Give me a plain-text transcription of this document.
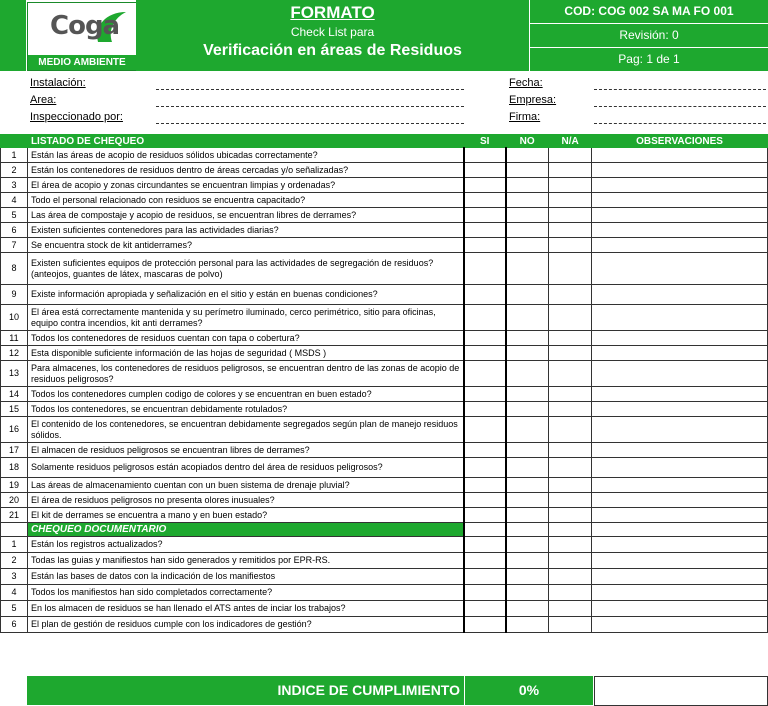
Coga
MEDIO AMBIENTE
FORMATO
Check List para
Verificación en áreas de Residuos
COD: COG 002 SA MA FO 001
Revisión: 0
Pag: 1 de 1
Instalación:
Area:
Inspeccionado por:
Fecha:
Empresa:
Firma:
	LISTADO DE CHEQUEO	SI	NO	N/A	OBSERVACIONES
1	Están las áreas de acopio de residuos sólidos ubicadas correctamente?				
2	Están los contenedores de residuos dentro de áreas cercadas y/o señalizadas?				
3	El área de acopio y zonas circundantes se encuentran limpias y ordenadas?				
4	Todo el personal relacionado con residuos se encuentra capacitado?				
5	Las área de compostaje y acopio de residuos, se encuentran libres de derrames?				
6	Existen suficientes contenedores para las actividades diarias?				
7	Se encuentra stock de kit antiderrames?				
8	Existen suficientes equipos de protección personal para las actividades de segregación de residuos? (anteojos, guantes de látex, mascaras de polvo)				
9	Existe información apropiada y señalización en el sitio y están en buenas condiciones?				
10	El área está correctamente mantenida y su perímetro iluminado, cerco perimétrico, sitio para oficinas, equipo contra incendios, kit anti derrames?				
11	Todos los contenedores de residuos cuentan con tapa o cobertura?				
12	Esta disponible suficiente información de las hojas de seguridad ( MSDS )				
13	Para almacenes, los contenedores de residuos peligrosos, se encuentran dentro de las zonas de acopio de residuos peligrosos?				
14	Todos los contenedores cumplen codigo de colores y se encuentran en buen estado?				
15	Todos los contenedores, se encuentran debidamente rotulados?				
16	El contenido de los contenedores, se encuentran debidamente segregados según plan de manejo residuos sólidos.				
17	El almacen de residuos peligrosos se encuentran libres de derrames?				
18	Solamente residuos peligrosos están acopiados dentro del área de residuos peligrosos?				
19	Las áreas de almacenamiento cuentan con un buen sistema de drenaje pluvial?				
20	El área de residuos peligrosos no presenta olores inusuales?				
21	El kit de derrames se encuentra a mano y en buen estado?				
	CHEQUEO DOCUMENTARIO				
1	Están los registros actualizados?				
2	Todas las guias y manifiestos han sido generados y remitidos por EPR-RS.				
3	Están las bases de datos con la indicación de los manifiestos				
4	Todos los manifiestos han sido completados correctamente?				
5	En los almacen de residuos se han llenado el ATS antes de inciar los trabajos?				
6	El plan de gestión de residuos cumple con los indicadores de gestión?				
INDICE DE CUMPLIMIENTO	0%
